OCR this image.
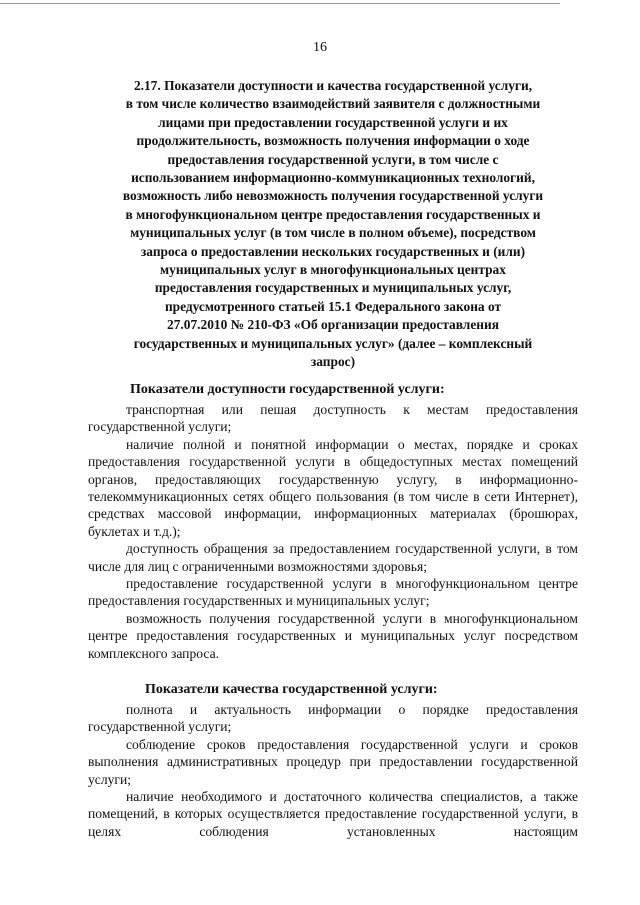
16
2.17. Показатели доступности и качества государственной услуги,
в том числе количество взаимодействий заявителя с должностными
лицами при предоставлении государственной услуги и их
продолжительность, возможность получения информации о ходе
предоставления государственной услуги, в том числе с
использованием информационно-коммуникационных технологий,
возможность либо невозможность получения государственной услуги
в многофункциональном центре предоставления государственных и
муниципальных услуг (в том числе в полном объеме), посредством
запроса о предоставлении нескольких государственных и (или)
муниципальных услуг в многофункциональных центрах
предоставления государственных и муниципальных услуг,
предусмотренного статьей 15.1 Федерального закона от
27.07.2010 № 210-ФЗ «Об организации предоставления
государственных и муниципальных услуг» (далее – комплексный
запрос)
Показатели доступности государственной услуги:

транспортная или пешая доступность к местам предоставления государственной услуги;

наличие полной и понятной информации о местах, порядке и сроках предоставления государственной услуги в общедоступных местах помещений органов, предоставляющих государственную услугу, в информационно-телекоммуникационных сетях общего пользования (в том числе в сети Интернет), средствах массовой информации, информационных материалах (брошюрах, буклетах и т.д.);

доступность обращения за предоставлением государственной услуги, в том числе для лиц с ограниченными возможностями здоровья;

предоставление государственной услуги в многофункциональном центре предоставления государственных и муниципальных услуг;

возможность получения государственной услуги в многофункциональном центре предоставления государственных и муниципальных услуг посредством комплексного запроса.

Показатели качества государственной услуги:

полнота и актуальность информации о порядке предоставления государственной услуги;

соблюдение сроков предоставления государственной услуги и сроков выполнения административных процедур при предоставлении государственной услуги;

наличие необходимого и достаточного количества специалистов, а также помещений, в которых осуществляется предоставление государственной услуги, в целях соблюдения установленных настоящим
